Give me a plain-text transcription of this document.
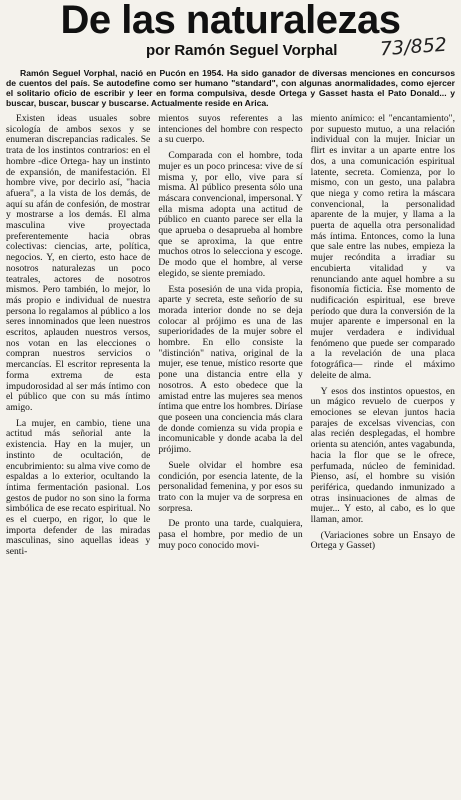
De las naturalezas
por Ramón Seguel Vorphal	73/852

Ramón Seguel Vorphal, nació en Pucón en 1954. Ha sido ganador de diversas menciones en concursos de cuentos del país. Se autodefine como ser humano "standard", con algunas anormalidades, como ejercer el solitario oficio de escribir y leer en forma compulsiva, desde Ortega y Gasset hasta el Pato Donald... y buscar, buscar, buscar y buscarse. Actualmente reside en Arica.

Existen ideas usuales sobre sicología de ambos sexos y se enumeran discrepancias radicales. Se trata de los instintos contrarios: en el hombre -dice Ortega- hay un instinto de expansión, de manifestación. El hombre vive, por decirlo así, "hacia afuera", a la vista de los demás, de aquí su afán de confesión, de mostrar y mostrarse a los demás. El alma masculina vive proyectada preferentemente hacia obras colectivas: ciencias, arte, política, negocios. Y, en cierto, esto hace de nosotros naturalezas un poco teatrales, actores de nosotros mismos. Pero también, lo mejor, lo más propio e individual de nuestra persona lo regalamos al público a los seres innominados que leen nuestros escritos, aplauden nuestros versos, nos votan en las elecciones o compran nuestros servicios o mercancías. El escritor representa la forma extrema de esta impudorosidad al ser más íntimo con el público que con su más íntimo amigo.

La mujer, en cambio, tiene una actitud más señorial ante la existencia. Hay en la mujer, un instinto de ocultación, de encubrimiento: su alma vive como de espaldas a lo exterior, ocultando la íntima fermentación pasional. Los gestos de pudor no son sino la forma simbólica de ese recato espiritual. No es el cuerpo, en rigor, lo que le importa defender de las miradas masculinas, sino aquellas ideas y senti-

mientos suyos referentes a las intenciones del hombre con respecto a su cuerpo.

Comparada con el hombre, toda mujer es un poco princesa: vive de sí misma y, por ello, vive para sí misma. Al público presenta sólo una máscara convencional, impersonal. Y ella misma adopta una actitud de público en cuanto parece ser ella la que aprueba o desaprueba al hombre que se aproxima, la que entre muchos otros lo selecciona y escoge. De modo que el hombre, al verse elegido, se siente premiado.

Esta posesión de una vida propia, aparte y secreta, este señorío de su morada interior donde no se deja colocar al prójimo es una de las superioridades de la mujer sobre el hombre. En ello consiste la "distinción" nativa, original de la mujer, ese tenue, místico resorte que pone una distancia entre ella y nosotros. A esto obedece que la amistad entre las mujeres sea menos íntima que entre los hombres. Diríase que poseen una conciencia más clara de donde comienza su vida propia e incomunicable y donde acaba la del prójimo.

Suele olvidar el hombre esa condición, por esencia latente, de la personalidad femenina, y por esos su trato con la mujer va de sorpresa en sorpresa.

De pronto una tarde, cualquiera, pasa el hombre, por medio de un muy poco conocido movi-

miento anímico: el "encantamiento", por supuesto mutuo, a una relación individual con la mujer. Iniciar un flirt es invitar a un aparte entre los dos, a una comunicación espiritual latente, secreta. Comienza, por lo mismo, con un gesto, una palabra que niega y como retira la máscara convencional, la personalidad aparente de la mujer, y llama a la puerta de aquella otra personalidad más íntima. Entonces, como la luna que sale entre las nubes, empieza la mujer recóndita a irradiar su encubierta vitalidad y va renunciando ante aquel hombre a su fisonomía ficticia. Ese momento de nudificación espiritual, ese breve período que dura la conversión de la mujer aparente e impersonal en la mujer verdadera e individual fenómeno que puede ser comparado a la revelación de una placa fotográfica— rinde el máximo deleite de alma.

Y esos dos instintos opuestos, en un mágico revuelo de cuerpos y emociones se elevan juntos hacia parajes de excelsas vivencias, con alas recién desplegadas, el hombre orienta su atención, antes vagabunda, hacia la flor que se le ofrece, perfumada, núcleo de feminidad. Pienso, así, el hombre su visión periférica, quedando inmunizado a otras insinuaciones de almas de mujer... Y esto, al cabo, es lo que llaman, amor.

(Variaciones sobre un Ensayo de Ortega y Gasset)
